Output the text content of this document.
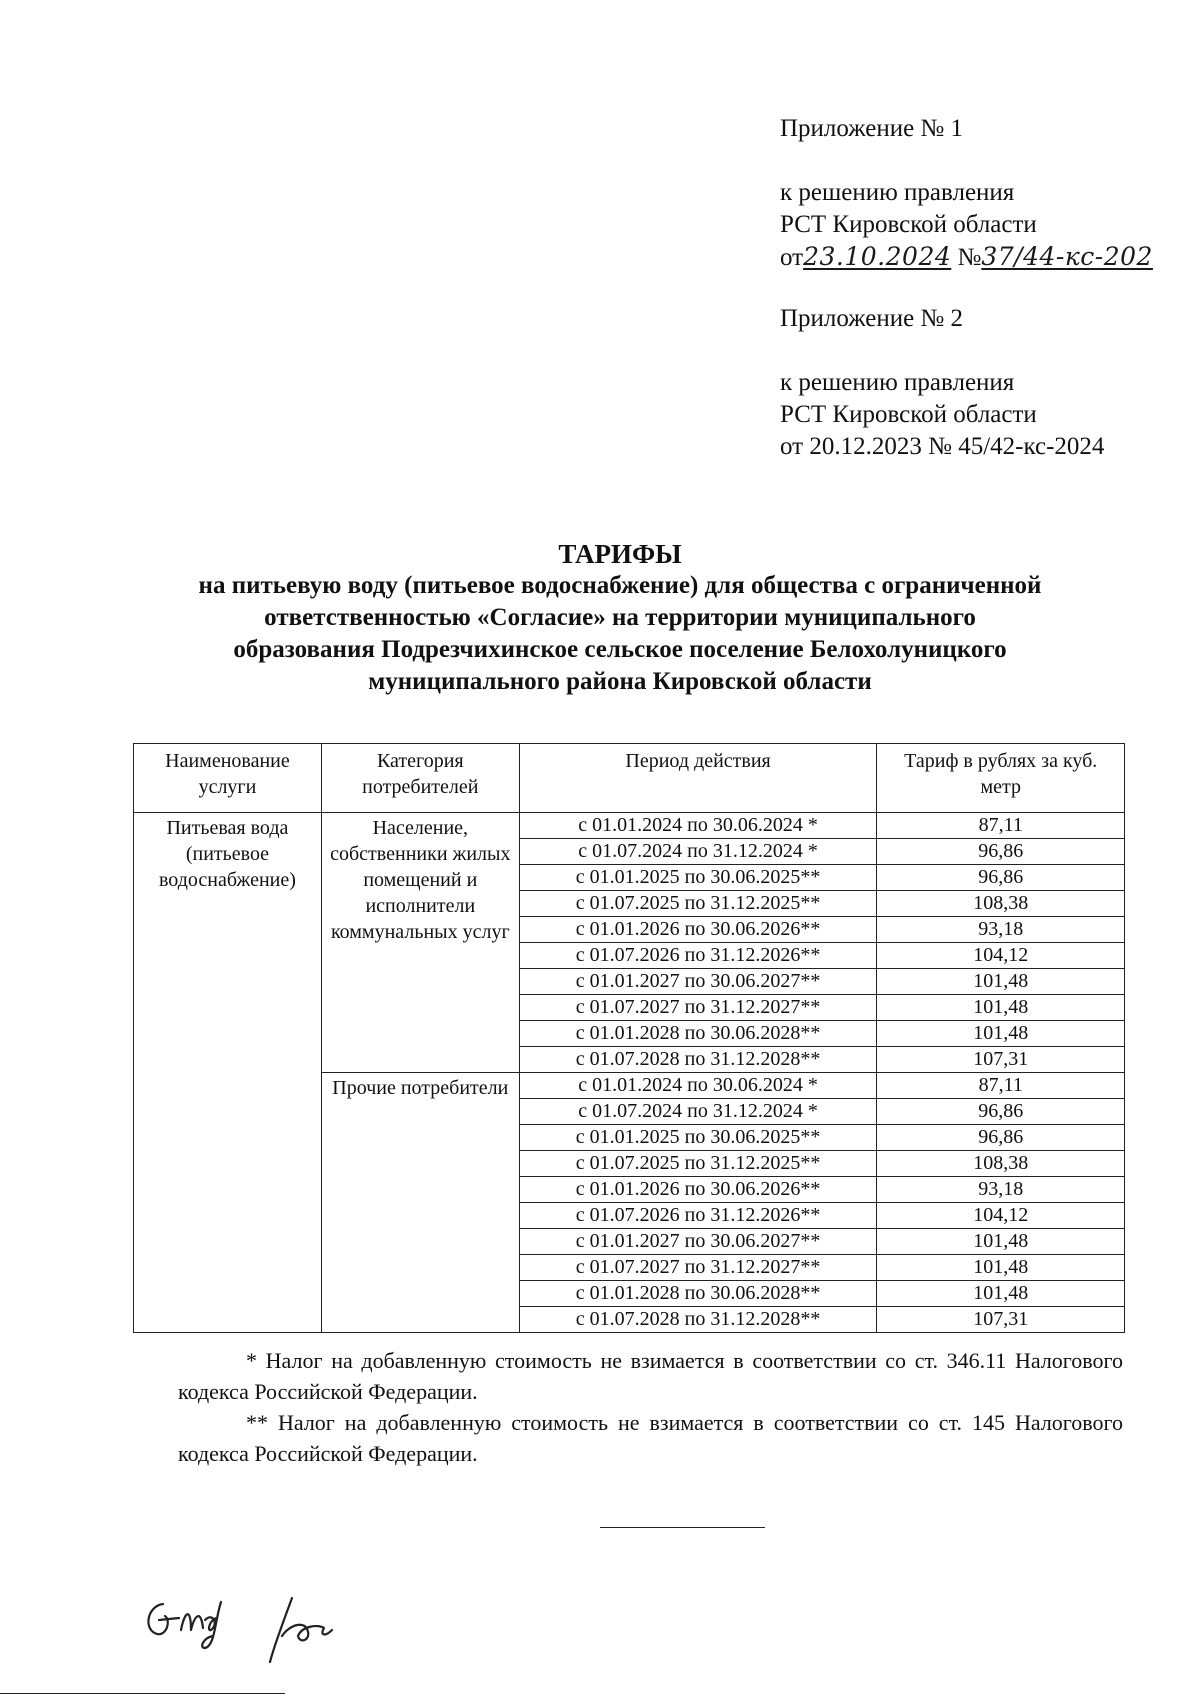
Приложение № 1
к решению правления
РСТ Кировской области
от23.10.2024 №37/44-кс-202
Приложение № 2
к решению правления
РСТ Кировской области
от 20.12.2023 № 45/42-кс-2024
ТАРИФЫ
на питьевую воду (питьевое водоснабжение) для общества с ограниченной
ответственностью «Согласие» на территории муниципального
образования Подрезчихинское сельское поселение Белохолуницкого
муниципального района Кировской области
Наименование услуги	Категория потребителей	Период действия	Тариф в рублях за куб. метр
Питьевая вода (питьевое водоснабжение)	Население, собственники жилых помещений и исполнители коммунальных услуг	с 01.01.2024 по 30.06.2024 *	87,11
		с 01.07.2024 по 31.12.2024 *	96,86
		с 01.01.2025 по 30.06.2025**	96,86
		с 01.07.2025 по 31.12.2025**	108,38
		с 01.01.2026 по 30.06.2026**	93,18
		с 01.07.2026 по 31.12.2026**	104,12
		с 01.01.2027 по 30.06.2027**	101,48
		с 01.07.2027 по 31.12.2027**	101,48
		с 01.01.2028 по 30.06.2028**	101,48
		с 01.07.2028 по 31.12.2028**	107,31
	Прочие потребители	с 01.01.2024 по 30.06.2024 *	87,11
		с 01.07.2024 по 31.12.2024 *	96,86
		с 01.01.2025 по 30.06.2025**	96,86
		с 01.07.2025 по 31.12.2025**	108,38
		с 01.01.2026 по 30.06.2026**	93,18
		с 01.07.2026 по 31.12.2026**	104,12
		с 01.01.2027 по 30.06.2027**	101,48
		с 01.07.2027 по 31.12.2027**	101,48
		с 01.01.2028 по 30.06.2028**	101,48
		с 01.07.2028 по 31.12.2028**	107,31

* Налог на добавленную стоимость не взимается в соответствии со ст. 346.11 Налогового кодекса Российской Федерации.

** Налог на добавленную стоимость не взимается в соответствии со ст. 145 Налогового кодекса Российской Федерации.
